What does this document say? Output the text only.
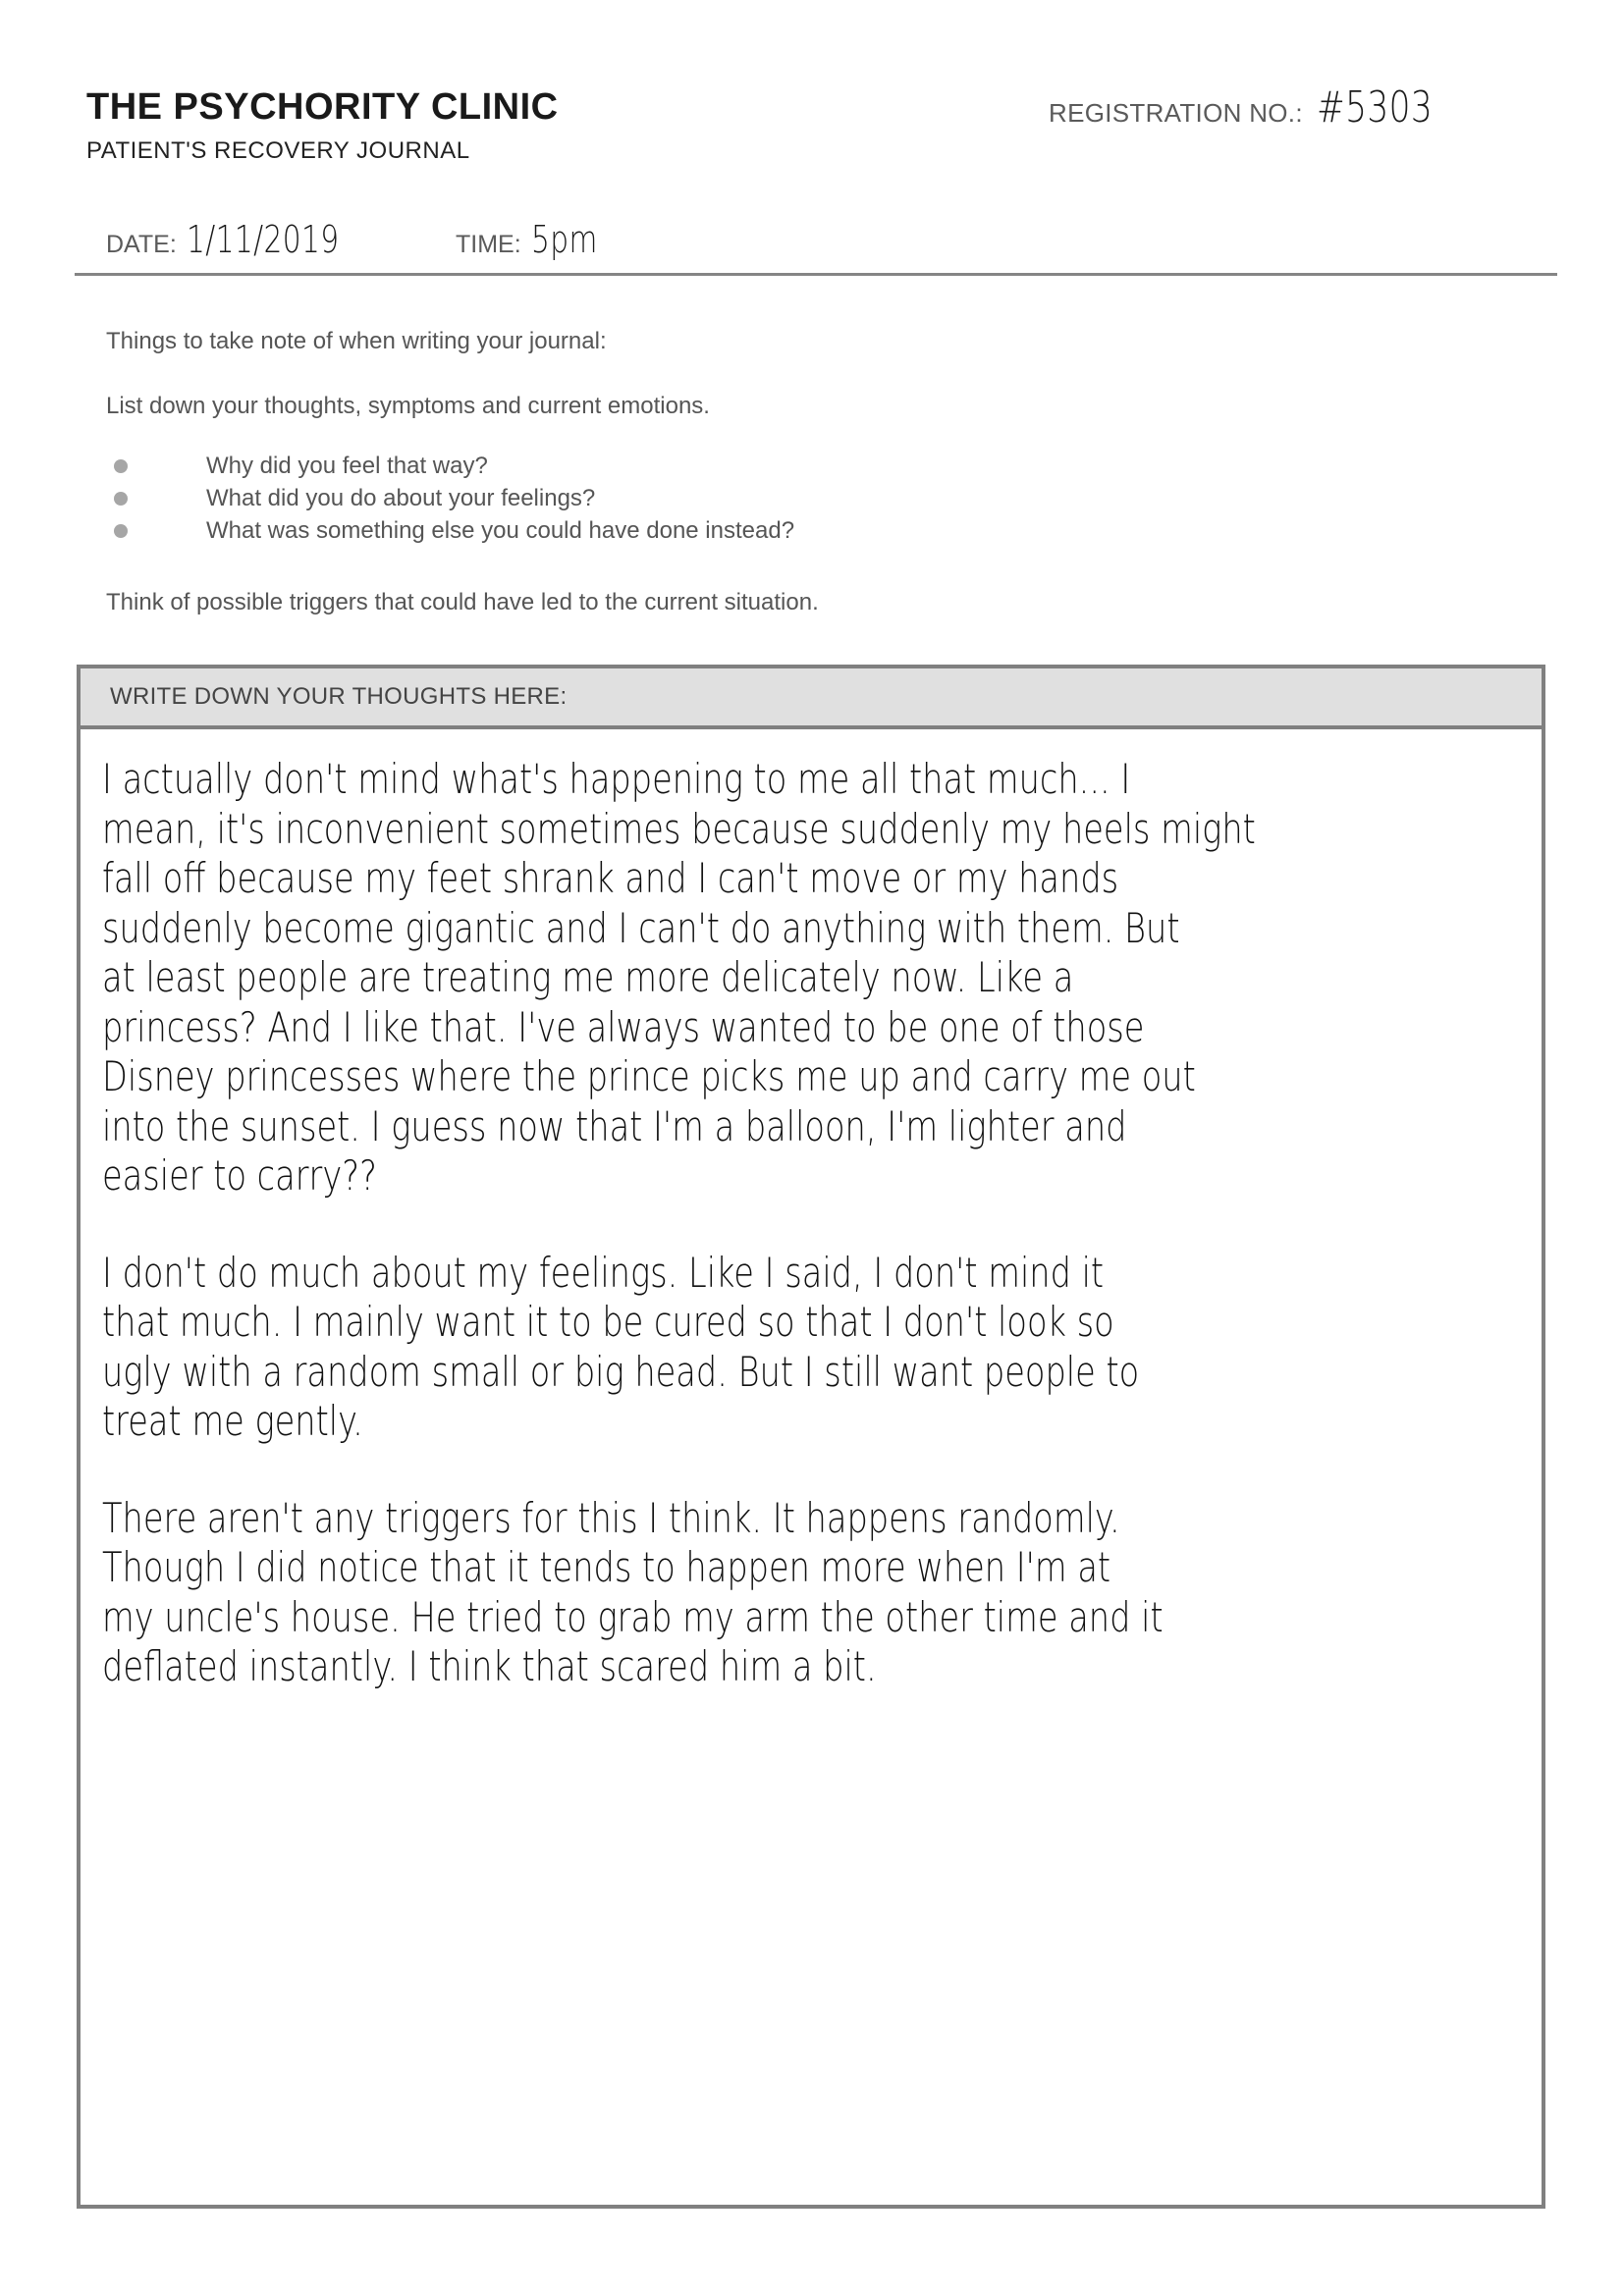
THE PSYCHORITY CLINIC
PATIENT'S RECOVERY JOURNAL
REGISTRATION NO.: #5303
DATE: 1/11/2019	TIME: 5pm

Things to take note of when writing your journal:

List down your thoughts, symptoms and current emotions.

Why did you feel that way?
What did you do about your feelings?
What was something else you could have done instead?

Think of possible triggers that could have led to the current situation.

WRITE DOWN YOUR THOUGHTS HERE:

I actually don't mind what's happening to me all that much... I
mean, it's inconvenient sometimes because suddenly my heels might
fall off because my feet shrank and I can't move or my hands
suddenly become gigantic and I can't do anything with them. But
at least people are treating me more delicately now. Like a
princess? And I like that. I've always wanted to be one of those
Disney princesses where the prince picks me up and carry me out
into the sunset. I guess now that I'm a balloon, I'm lighter and
easier to carry??

I don't do much about my feelings. Like I said, I don't mind it
that much. I mainly want it to be cured so that I don't look so
ugly with a random small or big head. But I still want people to
treat me gently.

There aren't any triggers for this I think. It happens randomly.
Though I did notice that it tends to happen more when I'm at
my uncle's house. He tried to grab my arm the other time and it
deflated instantly. I think that scared him a bit.
